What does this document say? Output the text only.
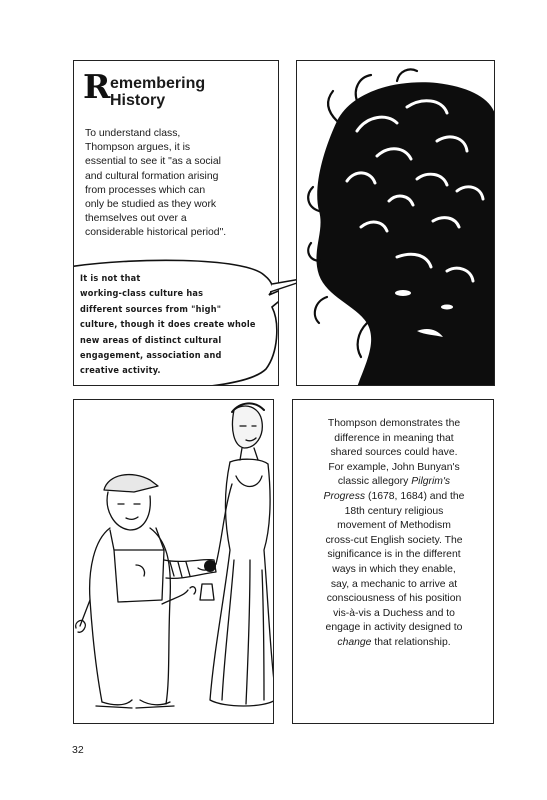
R emembering
History

To understand class,

Thompson argues, it is

essential to see it "as a social

and cultural formation arising

from processes which can

only be studied as they work

themselves out over a

considerable historical period".

It is not that

working-class culture has

different sources from "high"

culture, though it does create whole

new areas of distinct cultural

engagement, association and

creative activity.

Thompson demonstrates the

difference in meaning that

shared sources could have.

For example, John Bunyan's

classic allegory Pilgrim's

Progress (1678, 1684) and the

18th century religious

movement of Methodism

cross-cut English society. The

significance is in the different

ways in which they enable,

say, a mechanic to arrive at

consciousness of his position

vis-à-vis a Duchess and to

engage in activity designed to

change that relationship.

32
